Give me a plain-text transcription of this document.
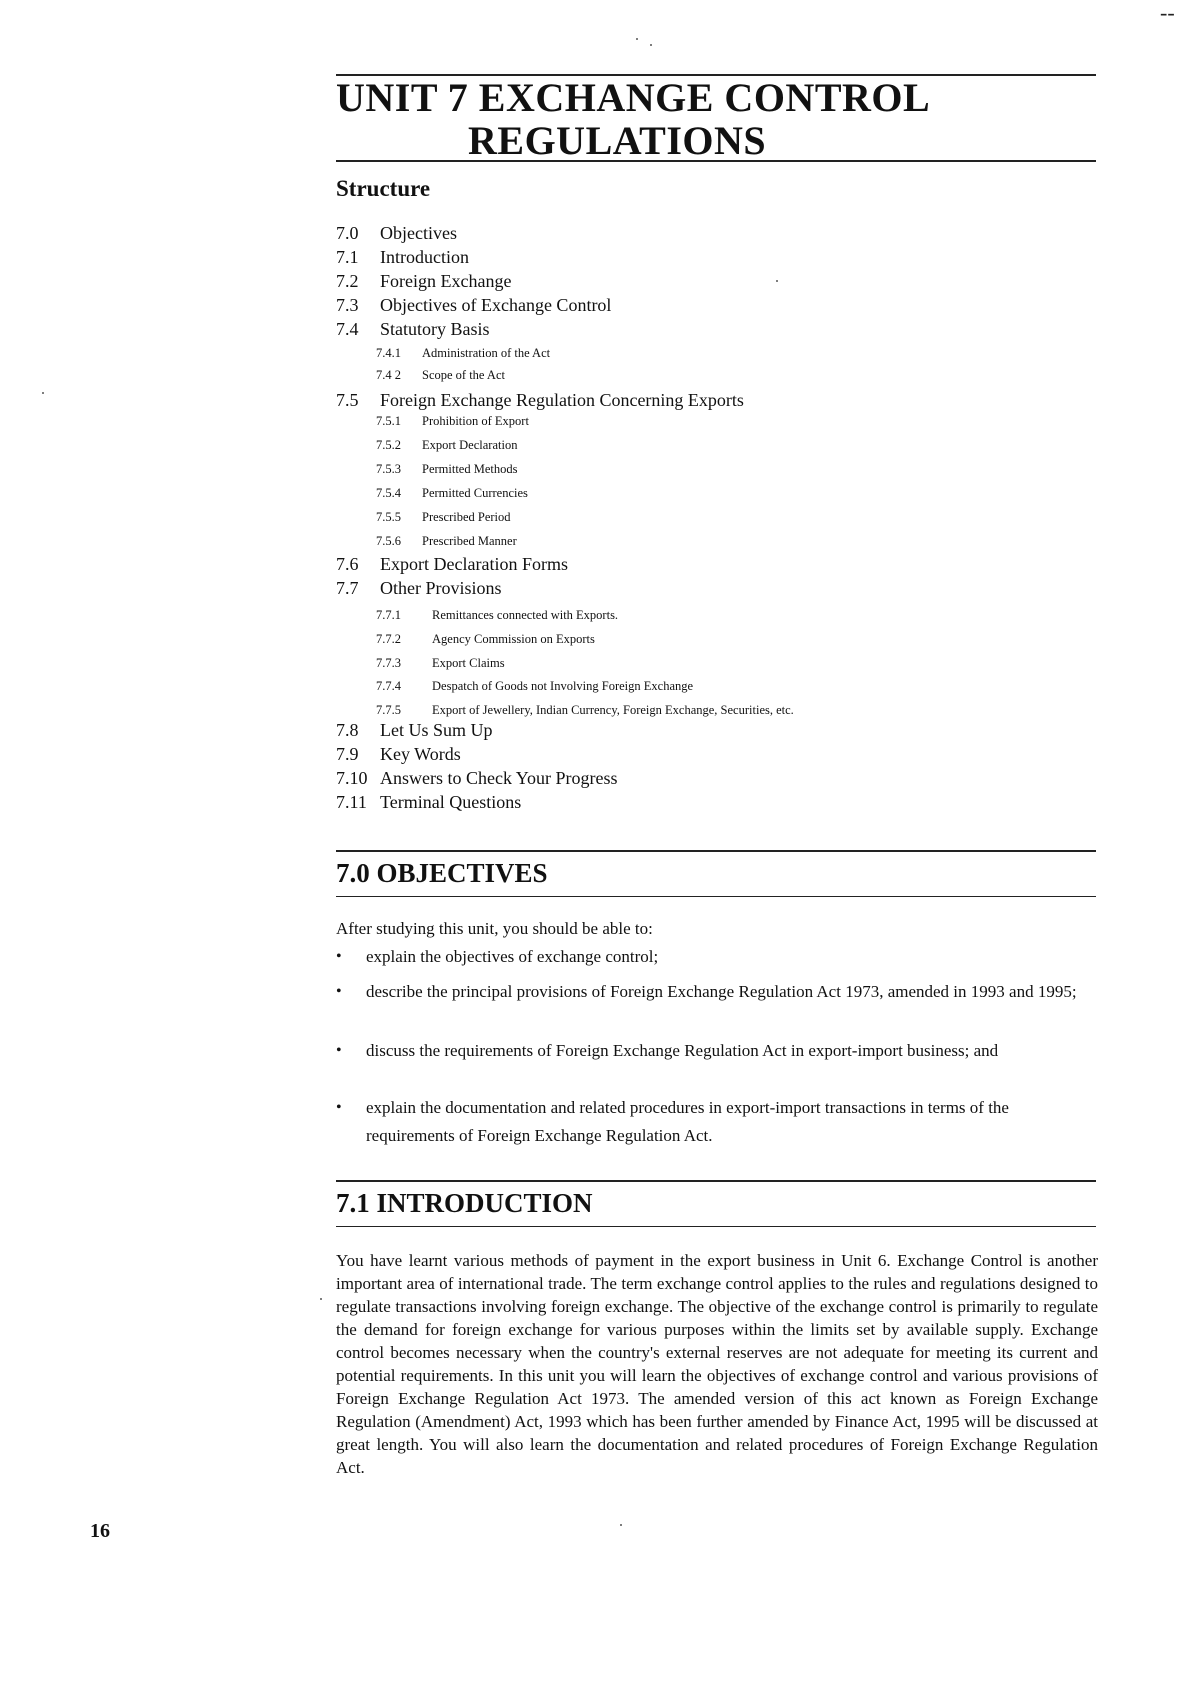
--
UNIT 7 EXCHANGE CONTROL
REGULATIONS
Structure
7.0 Objectives
7.1 Introduction
7.2 Foreign Exchange
7.3 Objectives of Exchange Control
7.4 Statutory Basis
7.4.1 Administration of the Act
7.4 2 Scope of the Act
7.5 Foreign Exchange Regulation Concerning Exports
7.5.1 Prohibition of Export
7.5.2 Export Declaration
7.5.3 Permitted Methods
7.5.4 Permitted Currencies
7.5.5 Prescribed Period
7.5.6 Prescribed Manner
7.6 Export Declaration Forms
7.7 Other Provisions
7.7.1 Remittances connected with Exports.
7.7.2 Agency Commission on Exports
7.7.3 Export Claims
7.7.4 Despatch of Goods not Involving Foreign Exchange
7.7.5 Export of Jewellery, Indian Currency, Foreign Exchange, Securities, etc.
7.8 Let Us Sum Up
7.9 Key Words
7.10 Answers to Check Your Progress
7.11 Terminal Questions
7.0 OBJECTIVES
After studying this unit, you should be able to:
• explain the objectives of exchange control;
• describe the principal provisions of Foreign Exchange Regulation Act 1973, amended in 1993 and 1995;
• discuss the requirements of Foreign Exchange Regulation Act in export-import business; and
• explain the documentation and related procedures in export-import transactions in terms of the requirements of Foreign Exchange Regulation Act.
7.1 INTRODUCTION
You have learnt various methods of payment in the export business in Unit 6. Exchange Control is another important area of international trade. The term exchange control applies to the rules and regulations designed to regulate transactions involving foreign exchange. The objective of the exchange control is primarily to regulate the demand for foreign exchange for various purposes within the limits set by available supply. Exchange control becomes necessary when the country's external reserves are not adequate for meeting its current and potential requirements. In this unit you will learn the objectives of exchange control and various provisions of Foreign Exchange Regulation Act 1973. The amended version of this act known as Foreign Exchange Regulation (Amendment) Act, 1993 which has been further amended by Finance Act, 1995 will be discussed at great length. You will also learn the documentation and related procedures of Foreign Exchange Regulation Act.
16
